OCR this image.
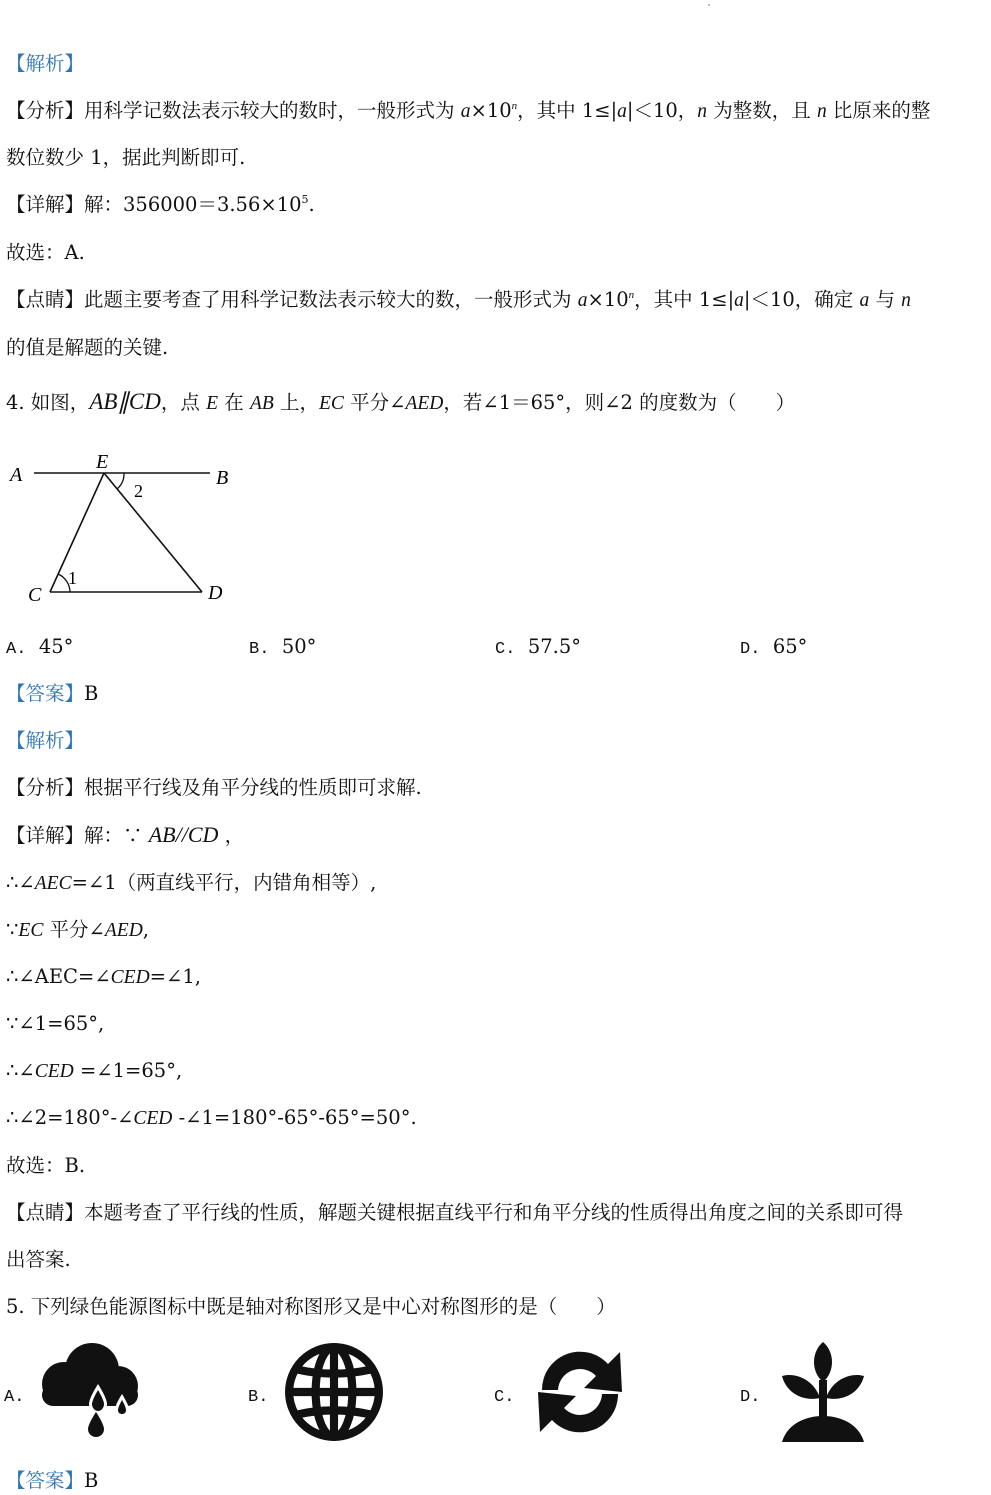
【解析】
【分析】用科学记数法表示较大的数时，一般形式为 $a\times 10^n$，其中 1≤|a|＜10，n 为整数，且 n 比原来的整
数位数少 1，据此判断即可.
【详解】解：$356000=3.56\times 10^5$.
故选：A.
【点睛】此题主要考查了用科学记数法表示较大的数，一般形式为 $a\times 10^n$，其中 1≤|a|＜10，确定 a 与 n
的值是解题的关键.
4. 如图，AB∥CD，点 E 在 AB 上，EC 平分∠AED，若∠1＝65°，则∠2 的度数为（　　）
A
E
B
C	D
1
2
A. 45°	B. 50°	C. 57.5°	D. 65°
【答案】B
【解析】
【分析】根据平行线及角平分线的性质即可求解.
【详解】解：∵ AB//CD ，
∴∠AEC=∠1（两直线平行，内错角相等）,
∵EC 平分∠AED,
∴∠AEC=∠CED=∠1,
∵∠1=65°,
∴∠CED =∠1=65°,
∴∠2=180°-∠CED -∠1=180°-65°-65°=50°.
故选：B.
【点睛】本题考查了平行线的性质，解题关键根据直线平行和角平分线的性质得出角度之间的关系即可得
出答案.
5. 下列绿色能源图标中既是轴对称图形又是中心对称图形的是（　　）
A.	B.	C.	D.
【答案】B
